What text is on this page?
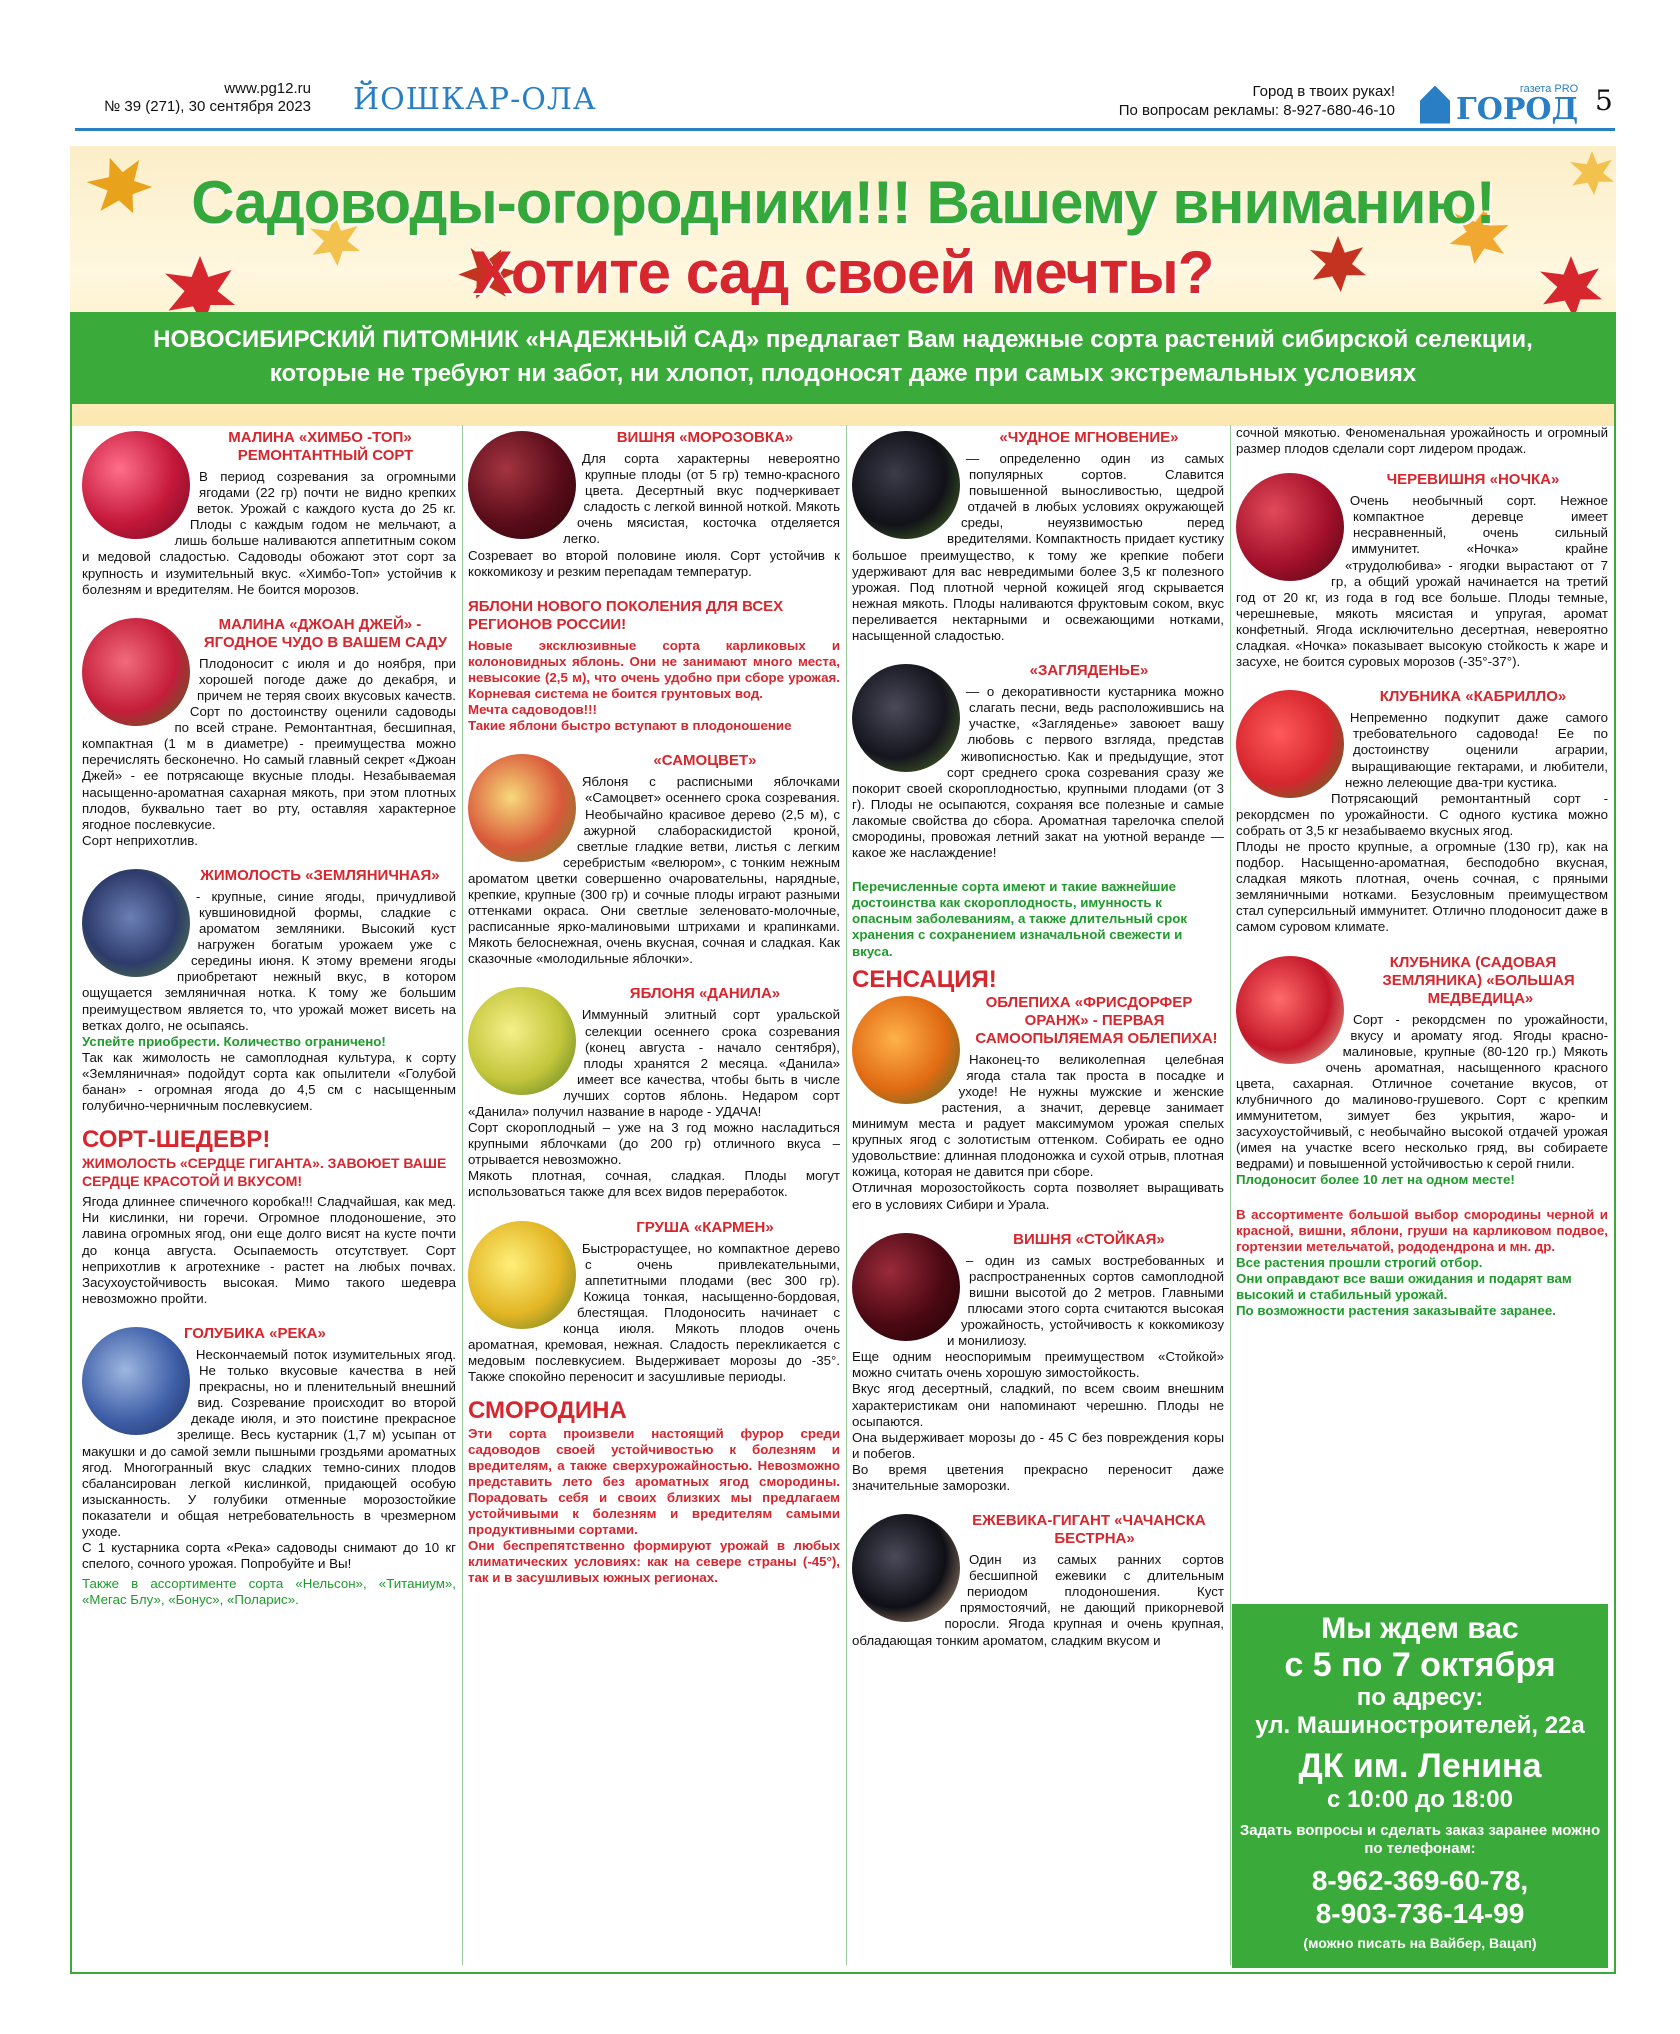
www.pg12.ru
№ 39 (271), 30 сентября 2023 ЙОШКАР-ОЛА	Город в твоих руках!
По вопросам рекламы: 8-927-680-46-10
газета PRO
ГОРОД 5
Садоводы-огородники!!! Вашему вниманию!
Хотите сад своей мечты?
НОВОСИБИРСКИЙ ПИТОМНИК «НАДЕЖНЫЙ САД» предлагает Вам надежные сорта растений сибирской селекции,
которые не требуют ни забот, ни хлопот, плодоносят даже при самых экстремальных условиях
МАЛИНА «ХИМБО -ТОП» РЕМОНТАНТНЫЙ СОРТ

В период созревания за огромными ягодами (22 гр) почти не видно крепких веток. Урожай с каждого куста до 25 кг. Плоды с каждым годом не мельчают, а лишь больше наливаются аппетитным соком и медовой сладостью. Садоводы обожают этот сорт за крупность и изумительный вкус. «Химбо-Топ» устойчив к болезням и вредителям. Не боится морозов.

МАЛИНА «ДЖОАН ДЖЕЙ» - ЯГОДНОЕ ЧУДО В ВАШЕМ САДУ

Плодоносит с июля и до ноября, при хорошей погоде даже до декабря, и причем не теряя своих вкусовых качеств. Сорт по достоинству оценили садоводы по всей стране. Ремонтантная, бесшипная, компактная (1 м в диаметре) - преимущества можно перечислять бесконечно. Но самый главный секрет «Джоан Джей» - ее потрясающе вкусные плоды. Незабываемая насыщенно-ароматная сахарная мякоть, при этом плотных плодов, буквально тает во рту, оставляя характерное ягодное послевкусие.

Сорт неприхотлив.

ЖИМОЛОСТЬ «ЗЕМЛЯНИЧНАЯ»

- крупные, синие ягоды, причудливой кувшиновидной формы, сладкие с ароматом земляники. Высокий куст нагружен богатым урожаем уже с середины июня. К этому времени ягоды приобретают нежный вкус, в котором ощущается земляничная нотка. К тому же большим преимуществом является то, что урожай может висеть на ветках долго, не осыпаясь.

Успейте приобрести. Количество ограничено!

Так как жимолость не самоплодная культура, к сорту «Земляничная» подойдут сорта как опылители «Голубой банан» - огромная ягода до 4,5 см с насыщенным голубично-черничным послевкусием.

СОРТ-ШЕДЕВР!
ЖИМОЛОСТЬ «СЕРДЦЕ ГИГАНТА». ЗАВОЮЕТ ВАШЕ СЕРДЦЕ КРАСОТОЙ И ВКУСОМ!

Ягода длиннее спичечного коробка!!! Сладчайшая, как мед. Ни кислинки, ни горечи. Огромное плодоношение, это лавина огромных ягод, они еще долго висят на кусте почти до конца августа. Осыпаемость отсутствует. Сорт неприхотлив к агротехнике - растет на любых почвах. Засухоустойчивость высокая. Мимо такого шедевра невозможно пройти.

ГОЛУБИКА «РЕКА»

Нескончаемый поток изумительных ягод. Не только вкусовые качества в ней прекрасны, но и пленительный внешний вид. Созревание происходит во второй декаде июля, и это поистине прекрасное зрелище. Весь кустарник (1,7 м) усыпан от макушки и до самой земли пышными гроздьями ароматных ягод. Многогранный вкус сладких темно-синих плодов сбалансирован легкой кислинкой, придающей особую изысканность. У голубики отменные морозостойкие показатели и общая нетребовательность в чрезмерном уходе.

С 1 кустарника сорта «Река» садоводы снимают до 10 кг спелого, сочного урожая. Попробуйте и Вы!

Также в ассортименте сорта «Нельсон», «Титаниум», «Мегас Блу», «Бонус», «Поларис».

ВИШНЯ «МОРОЗОВКА»

Для сорта характерны невероятно крупные плоды (от 5 гр) темно-красного цвета. Десертный вкус подчеркивает сладость с легкой винной ноткой. Мякоть очень мясистая, косточка отделяется легко.

Созревает во второй половине июля. Сорт устойчив к коккомикозу и резким перепадам температур.

ЯБЛОНИ НОВОГО ПОКОЛЕНИЯ ДЛЯ ВСЕХ РЕГИОНОВ РОССИИ!

Новые эксклюзивные сорта карликовых и колоновидных яблонь. Они не занимают много места, невысокие (2,5 м), что очень удобно при сборе урожая. Корневая система не боится грунтовых вод.

Мечта садоводов!!!

Такие яблони быстро вступают в плодоношение

«САМОЦВЕТ»

Яблоня с расписными яблочками «Самоцвет» осеннего срока созревания. Необычайно красивое дерево (2,5 м), с ажурной слаборaскидистой кроной, светлые гладкие ветви, листья с легким серебристым «велюром», с тонким нежным ароматом цветки совершенно очаровательны, нарядные, крепкие, крупные (300 гр) и сочные плоды играют разными оттенками окраса. Они светлые зеленовато-молочные, расписанные ярко-малиновыми штрихами и крапинками. Мякоть белоснежная, очень вкусная, сочная и сладкая. Как сказочные «молодильные яблочки».

ЯБЛОНЯ «ДАНИЛА»

Иммунный элитный сорт уральской селекции осеннего срока созревания (конец августа - начало сентября), плоды хранятся 2 месяца. «Данила» имеет все качества, чтобы быть в числе лучших сортов яблонь. Недаром сорт «Данила» получил название в народе - УДАЧА!

Сорт скороплодный – уже на 3 год можно насладиться крупными яблочками (до 200 гр) отличного вкуса – отрывается невозможно.

Мякоть плотная, сочная, сладкая. Плоды могут использоваться также для всех видов переработок.

ГРУША «КАРМЕН»

Быстрорастущее, но компактное дерево с очень привлекательными, аппетитными плодами (вес 300 гр). Кожица тонкая, насыщенно-бордовая, блестящая. Плодоносить начинает с конца июля. Мякоть плодов очень ароматная, кремовая, нежная. Сладость перекликается с медовым послевкусием. Выдерживает морозы до -35°. Также спокойно переносит и засушливые периоды.

СМОРОДИНА

Эти сорта произвели настоящий фурор среди садоводов своей устойчивостью к болезням и вредителям, а также сверхурожайностью. Невозможно представить лето без ароматных ягод смородины. Порадовать себя и своих близких мы предлагаем устойчивыми к болезням и вредителям самыми продуктивными сортами.

Они беспрепятственно формируют урожай в любых климатических условиях: как на севере страны (-45°), так и в засушливых южных регионах.

«ЧУДНОЕ МГНОВЕНИЕ»

— определенно один из самых популярных сортов. Славится повышенной выносливостью, щедрой отдачей в любых условиях окружающей среды, неуязвимостью перед вредителями. Компактность придает кустику большое преимущество, к тому же крепкие побеги удерживают для вас невредимыми более 3,5 кг полезного урожая. Под плотной черной кожицей ягод скрывается нежная мякоть. Плоды наливаются фруктовым соком, вкус переливается нектарными и освежающими нотками, насыщенной сладостью.

«ЗАГЛЯДЕНЬЕ»

— о декоративности кустарника можно слагать песни, ведь расположившись на участке, «Загляденье» завоюет вашу любовь с первого взгляда, представ живописностью. Как и предыдущие, этот сорт среднего срока созревания сразу же покорит своей скороплодностью, крупными плодами (от 3 г). Плоды не осыпаются, сохраняя все полезные и самые лакомые свойства до сбора. Ароматная тарелочка спелой смородины, провожая летний закат на уютной веранде — какое же наслаждение!

Перечисленные сорта имеют и такие важнейшие достоинства как скороплодность, имунность к опасным заболеваниям, а также длительный срок хранения с сохранением изначальной свежести и вкуса.

СЕНСАЦИЯ!
ОБЛЕПИХА «ФРИСДОРФЕР ОРАНЖ» - ПЕРВАЯ САМООПЫЛЯЕМАЯ ОБЛЕПИХА!

Наконец-то великолепная целебная ягода стала так проста в посадке и уходе! Не нужны мужские и женские растения, а значит, деревце занимает минимум места и радует максимумом урожая спелых крупных ягод с золотистым оттенком. Собирать ее одно удовольствие: длинная плодоножка и сухой отрыв, плотная кожица, которая не давится при сборе.

Отличная морозостойкость сорта позволяет выращивать его в условиях Сибири и Урала.

ВИШНЯ «СТОЙКАЯ»

– один из самых востребованных и распространенных сортов самоплодной вишни высотой до 2 метров. Главными плюсами этого сорта считаются высокая урожайность, устойчивость к коккомикозу и монилиозу.

Еще одним неоспоримым преимуществом «Стойкой» можно считать очень хорошую зимостойкость.

Вкус ягод десертный, сладкий, по всем своим внешним характеристикам они напоминают черешню. Плоды не осыпаются.

Она выдерживает морозы до - 45 С без повреждения коры и побегов.

Во время цветения прекрасно переносит даже значительные заморозки.

ЕЖЕВИКА-ГИГАНТ «ЧАЧАНСКА БЕСТРНА»

Один из самых ранних сортов бесшипной ежевики с длительным периодом плодоношения. Куст прямостоячий, не дающий прикорневой поросли. Ягода крупная и очень крупная, обладающая тонким ароматом, сладким вкусом и

сочной мякотью. Феноменальная урожайность и огромный размер плодов сделали сорт лидером продаж.

ЧЕРЕВИШНЯ «НОЧКА»

Очень необычный сорт. Нежное компактное деревце имеет несравненный, очень сильный иммунитет. «Ночка» крайне «трудолюбива» - ягодки вырастают от 7 гр, а общий урожай начинается на третий год от 20 кг, из года в год все больше. Плоды темные, черешневые, мякоть мясистая и упругая, аромат конфетный. Ягода исключительно десертная, невероятно сладкая. «Ночка» показывает высокую стойкость к жаре и засухе, не боится суровых морозов (-35°-37°).

КЛУБНИКА «КАБРИЛЛО»

Непременно подкупит даже самого требовательного садовода! Ее по достоинству оценили аграрии, выращивающие гектарами, и любители, нежно лелеющие два-три кустика.

Потрясающий ремонтантный сорт - рекордсмен по урожайности. С одного кустика можно собрать от 3,5 кг незабываемо вкусных ягод.

Плоды не просто крупные, а огромные (130 гр), как на подбор. Насыщенно-ароматная, бесподобно вкусная, сладкая мякоть плотная, очень сочная, с пряными земляничными нотками. Безусловным преимуществом стал суперсильный иммунитет. Отлично плодоносит даже в самом суровом климате.

КЛУБНИКА (САДОВАЯ ЗЕМЛЯНИКА) «БОЛЬШАЯ МЕДВЕДИЦА»

Сорт - рекордсмен по урожайности, вкусу и аромату ягод. Ягоды красно-малиновые, крупные (80-120 гр.) Мякоть очень ароматная, насыщенного красного цвета, сахарная. Отличное сочетание вкусов, от клубничного до малиново-грушевого. Сорт с крепким иммунитетом, зимует без укрытия, жаро- и засухоустойчивый, с необычайно высокой отдачей урожая (имея на участке всего несколько гряд, вы собираете ведрами) и повышенной устойчивостью к серой гнили.

Плодоносит более 10 лет на одном месте!

В ассортименте большой выбор смородины черной и красной, вишни, яблони, груши на карликовом подвое, гортензии метельчатой, рододендрона и мн. др.

Все растения прошли строгий отбор.

Они оправдают все ваши ожидания и подарят вам высокий и стабильный урожай.

По возможности растения заказывайте заранее.

Мы ждем вас
с 5 по 7 октября
по адресу:
ул. Машиностроителей, 22а
ДК им. Ленина
с 10:00 до 18:00
Задать вопросы и сделать заказ заранее можно по телефонам:
8-962-369-60-78,
8-903-736-14-99
(можно писать на Вайбер, Вацап)
